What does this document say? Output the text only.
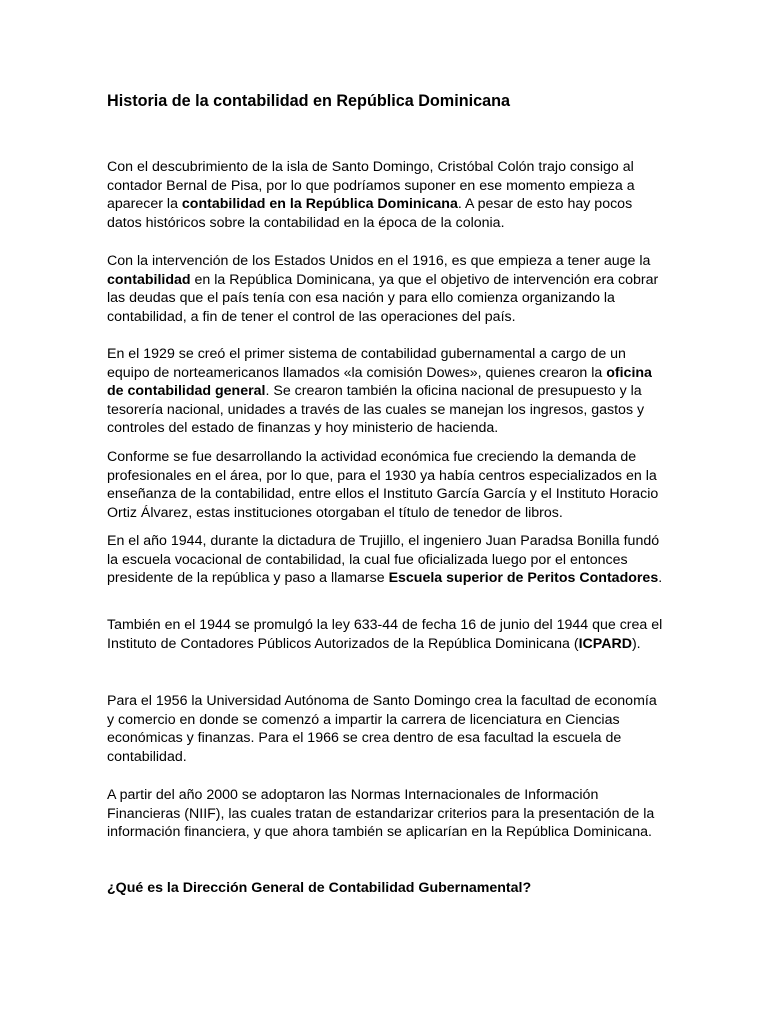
Historia de la contabilidad en República Dominicana

Con el descubrimiento de la isla de Santo Domingo, Cristóbal Colón trajo consigo al contador Bernal de Pisa, por lo que podríamos suponer en ese momento empieza a aparecer la contabilidad en la República Dominicana. A pesar de esto hay pocos datos históricos sobre la contabilidad en la época de la colonia.

Con la intervención de los Estados Unidos en el 1916, es que empieza a tener auge la contabilidad en la República Dominicana, ya que el objetivo de intervención era cobrar las deudas que el país tenía con esa nación y para ello comienza organizando la contabilidad, a fin de tener el control de las operaciones del país.

En el 1929 se creó el primer sistema de contabilidad gubernamental a cargo de un equipo de norteamericanos llamados «la comisión Dowes», quienes crearon la oficina de contabilidad general. Se crearon también la oficina nacional de presupuesto y la tesorería nacional, unidades a través de las cuales se manejan los ingresos, gastos y controles del estado de finanzas y hoy ministerio de hacienda.

Conforme se fue desarrollando la actividad económica fue creciendo la demanda de profesionales en el área, por lo que, para el 1930 ya había centros especializados en la enseñanza de la contabilidad, entre ellos el Instituto García García y el Instituto Horacio Ortiz Álvarez, estas instituciones otorgaban el título de tenedor de libros.

En el año 1944, durante la dictadura de Trujillo, el ingeniero Juan Paradsa Bonilla fundó la escuela vocacional de contabilidad, la cual fue oficializada luego por el entonces presidente de la república y paso a llamarse Escuela superior de Peritos Contadores.

También en el 1944 se promulgó la ley 633-44 de fecha 16 de junio del 1944 que crea el Instituto de Contadores Públicos Autorizados de la República Dominicana (ICPARD).

Para el 1956 la Universidad Autónoma de Santo Domingo crea la facultad de economía y comercio en donde se comenzó a impartir la carrera de licenciatura en Ciencias económicas y finanzas. Para el 1966 se crea dentro de esa facultad la escuela de contabilidad.

A partir del año 2000 se adoptaron las Normas Internacionales de Información Financieras (NIIF), las cuales tratan de estandarizar criterios para la presentación de la información financiera, y que ahora también se aplicarían en la República Dominicana.

¿Qué es la Dirección General de Contabilidad Gubernamental?
